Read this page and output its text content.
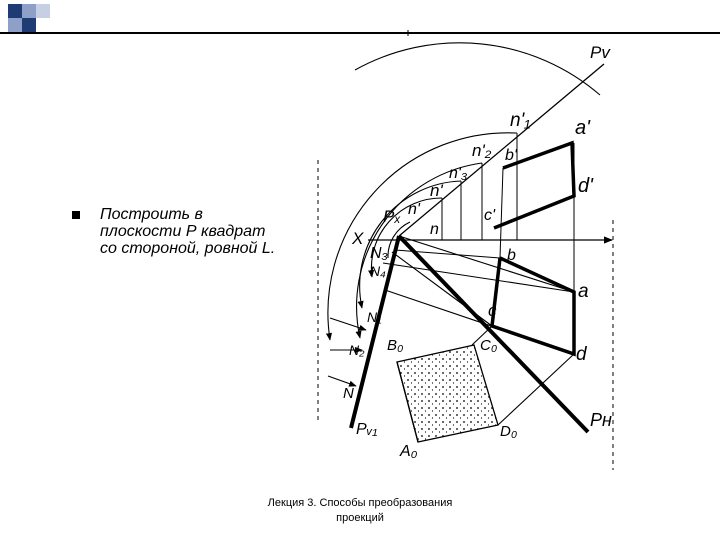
Построить в
плоскости Р квадрат
со стороной, ровной L.
Pv
n'₁ a'
n'₂ b'
n'₃
d'
n'
c'
Pₓ n'
X	n
b
N₃
N₄
a
N₁	c
N₂ B₀	C₀	d
N
Pн
Pᵥ₁	D₀
A₀
Лекция 3. Способы преобразования
проекций
